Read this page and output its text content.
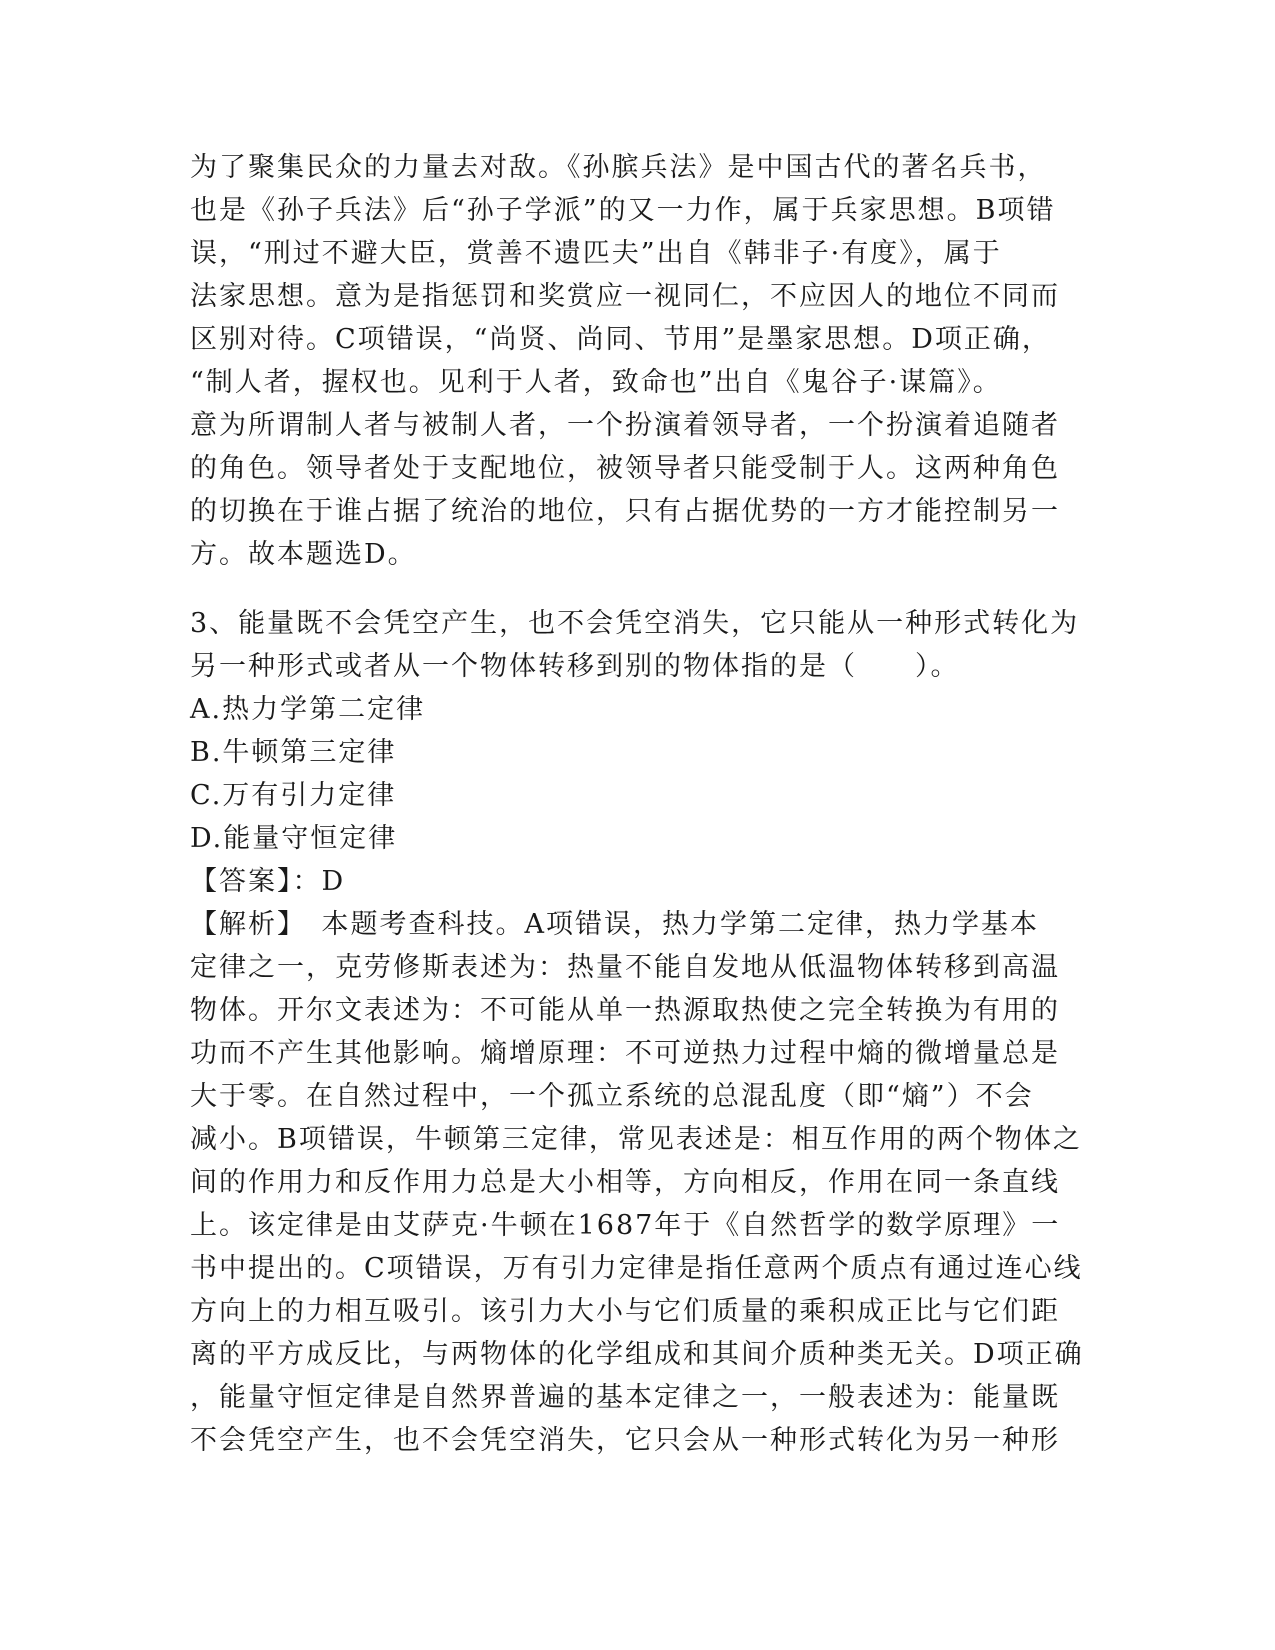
为了聚集民众的力量去对敌。《孙膑兵法》是中国古代的著名兵书，
也是《孙子兵法》后“孙子学派”的又一力作，属于兵家思想。B项错
误，“刑过不避大臣，赏善不遗匹夫”出自《韩非子·有度》，属于
法家思想。意为是指惩罚和奖赏应一视同仁，不应因人的地位不同而
区别对待。C项错误，“尚贤、尚同、节用”是墨家思想。D项正确，
“制人者，握权也。见利于人者，致命也”出自《鬼谷子·谋篇》。
意为所谓制人者与被制人者，一个扮演着领导者，一个扮演着追随者
的角色。领导者处于支配地位，被领导者只能受制于人。这两种角色
的切换在于谁占据了统治的地位，只有占据优势的一方才能控制另一
方。故本题选D。
3、能量既不会凭空产生，也不会凭空消失，它只能从一种形式转化为
另一种形式或者从一个物体转移到别的物体指的是（　　）。
A.热力学第二定律
B.牛顿第三定律
C.万有引力定律
D.能量守恒定律
【答案】：D
【解析】　本题考查科技。A项错误，热力学第二定律，热力学基本
定律之一，克劳修斯表述为：热量不能自发地从低温物体转移到高温
物体。开尔文表述为：不可能从单一热源取热使之完全转换为有用的
功而不产生其他影响。熵增原理：不可逆热力过程中熵的微增量总是
大于零。在自然过程中，一个孤立系统的总混乱度（即“熵”）不会
减小。B项错误，牛顿第三定律，常见表述是：相互作用的两个物体之
间的作用力和反作用力总是大小相等，方向相反，作用在同一条直线
上。该定律是由艾萨克·牛顿在1687年于《自然哲学的数学原理》一
书中提出的。C项错误，万有引力定律是指任意两个质点有通过连心线
方向上的力相互吸引。该引力大小与它们质量的乘积成正比与它们距
离的平方成反比，与两物体的化学组成和其间介质种类无关。D项正确
，能量守恒定律是自然界普遍的基本定律之一，一般表述为：能量既
不会凭空产生，也不会凭空消失，它只会从一种形式转化为另一种形
